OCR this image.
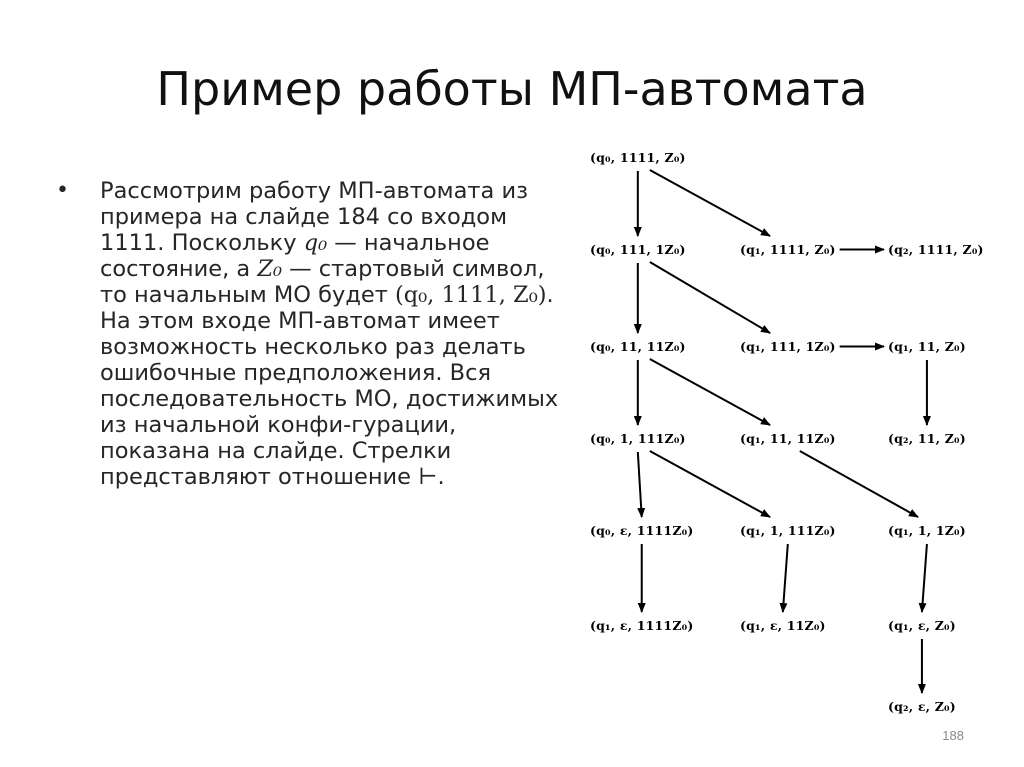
Пример работы МП-автомата
• Рассмотрим работу МП-автомата из примера на слайде 184 со входом 1111. Поскольку q₀ — начальное состояние, а Z₀ — стартовый символ, то начальным МО будет (q₀, 1111, Z₀). На этом входе МП-автомат имеет возможность несколько раз делать ошибочные предположения. Вся последовательность МО, достижимых из начальной конфи-гурации, показана на слайде. Стрелки представляют отношение ⊢.
(q₀, 1111, Z₀)
(q₀, 111, 1Z₀)	(q₁, 1111, Z₀)	(q₂, 1111, Z₀)
(q₀, 11, 11Z₀)	(q₁, 111, 1Z₀)	(q₁, 11, Z₀)
(q₀, 1, 111Z₀)	(q₁, 11, 11Z₀)	(q₂, 11, Z₀)
(q₀, ε, 1111Z₀)	(q₁, 1, 111Z₀)	(q₁, 1, 1Z₀)
(q₁, ε, 1111Z₀)	(q₁, ε, 11Z₀)	(q₁, ε, Z₀)
(q₂, ε, Z₀)
188
